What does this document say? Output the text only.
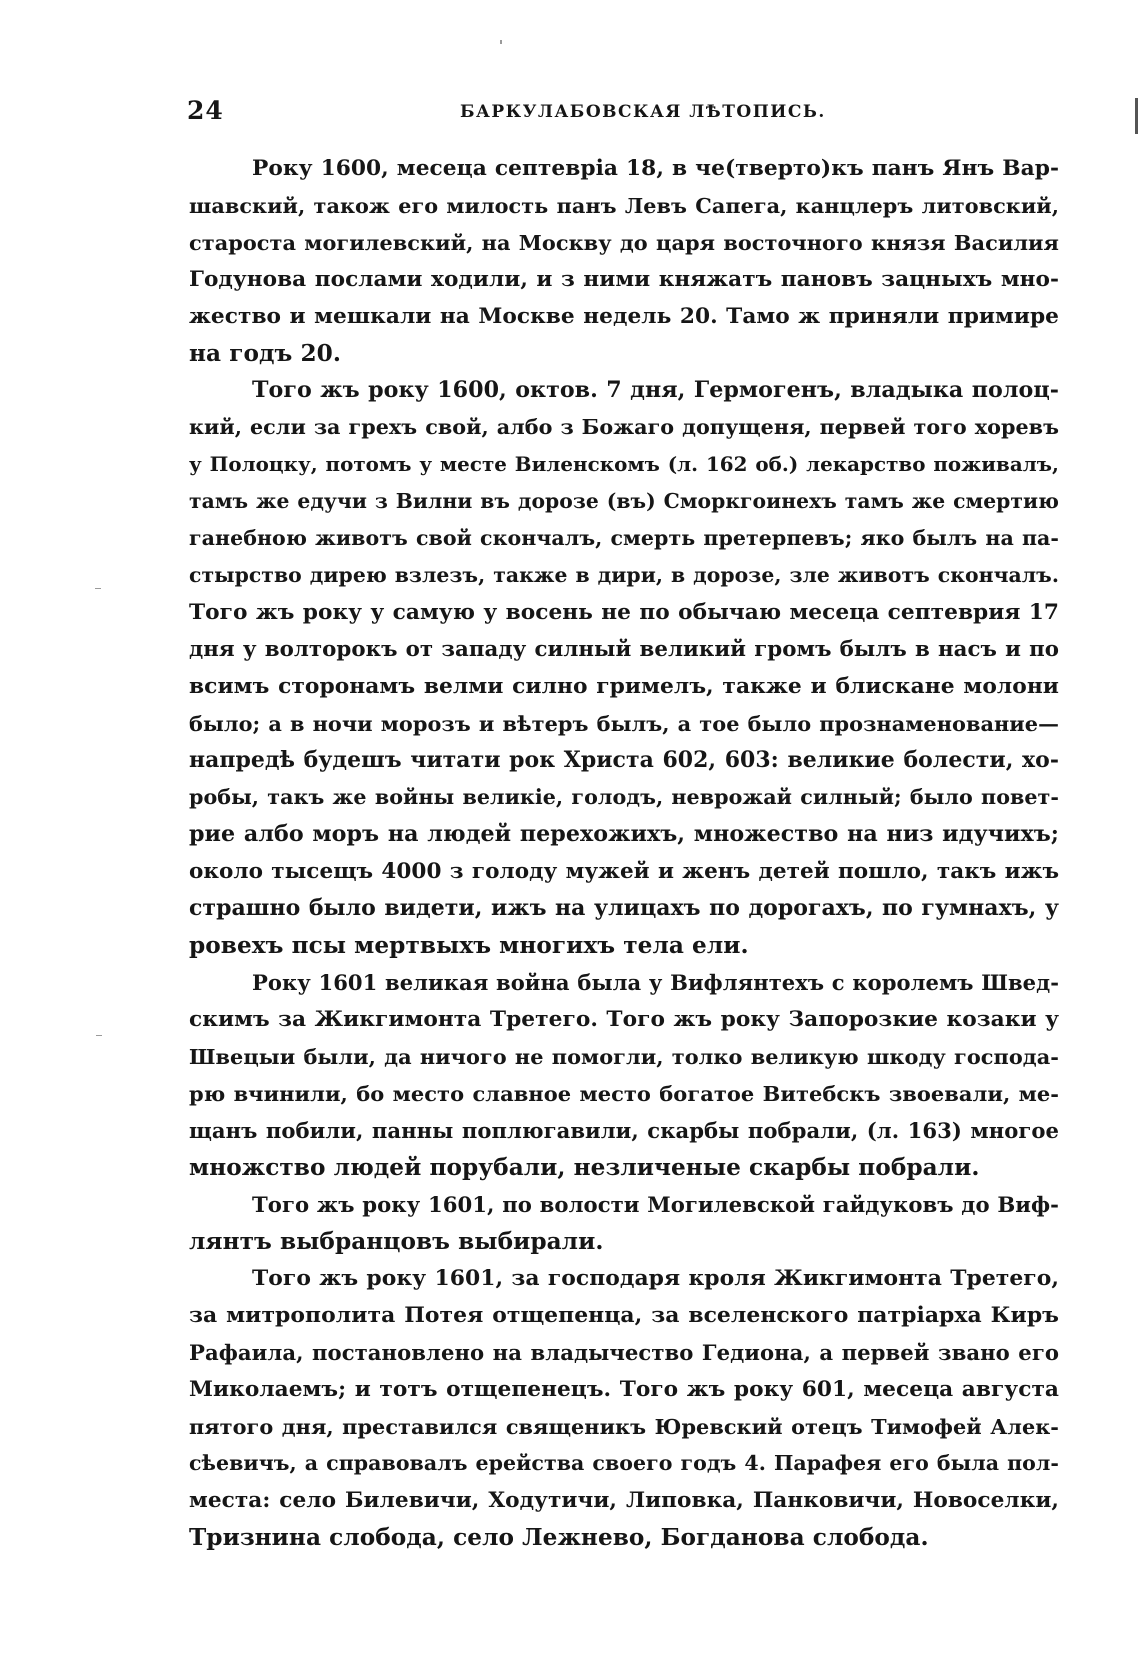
24	БАРКУЛАБОВСКАЯ ЛѢТОПИСЬ.
Року 1600, месеца септевріа 18, в че(тверто)къ панъ Янъ Вар-
шавский, також его милость панъ Левъ Сапега, канцлеръ литовский,
староста могилевский, на Москву до царя восточного князя Василия
Годунова послами ходили, и з ними княжатъ пановъ зацныхъ мно-
жество и мешкали на Москве недель 20. Тамо ж приняли примире
на годъ 20.
Того жъ року 1600, октов. 7 дня, Гермогенъ, владыка полоц-
кий, если за грехъ свой, албо з Божаго допущеня, первей того хоревъ
у Полоцку, потомъ у месте Виленскомъ (л. 162 об.) лекарство поживалъ,
тамъ же едучи з Вилни въ дорозе (въ) Сморкгоинехъ тамъ же смертию
ганебною животъ свой скончалъ, смерть претерпевъ; яко былъ на па-
стырство дирею взлезъ, также в дири, в дорозе, зле животъ скончалъ.
Того жъ року у самую у восень не по обычаю месеца септеврия 17
дня у волторокъ от западу силный великий громъ былъ в насъ и по
всимъ сторонамъ велми силно гримелъ, также и блискане молони
было; а в ночи морозъ и вѣтеръ былъ, а тое было прознаменование—
напредѣ будешъ читати рок Христа 602, 603: великие болести, хо-
робы, такъ же войны великіе, голодъ, неврожай силный; было повет-
рие албо моръ на людей перехожихъ, множество на низ идучихъ;
около тысещъ 4000 з голоду мужей и женъ детей пошло, такъ ижъ
страшно было видети, ижъ на улицахъ по дорогахъ, по гумнахъ, у
ровехъ псы мертвыхъ многихъ тела ели.
Року 1601 великая война была у Вифлянтехъ с королемъ Швед-
скимъ за Жикгимонта Третего. Того жъ року Запорозкие козаки у
Швецыи были, да ничого не помогли, толко великую шкоду господа-
рю вчинили, бо место славное место богатое Витебскъ звоевали, ме-
щанъ побили, панны поплюгавили, скарбы побрали, (л. 163) многое
множство людей порубали, незличеные скарбы побрали.
Того жъ року 1601, по волости Могилевской гайдуковъ до Виф-
лянтъ выбранцовъ выбирали.
Того жъ року 1601, за господаря кроля Жикгимонта Третего,
за митрополита Потея отщепенца, за вселенского патріарха Киръ
Рафаила, постановлено на владычество Гедиона, а первей звано его
Миколаемъ; и тотъ отщепенецъ. Того жъ року 601, месеца августа
пятого дня, преставился священикъ Юревский отецъ Тимофей Алек-
сѣевичъ, а справовалъ ерейства своего годъ 4. Парафея его была пол-
места: село Билевичи, Ходутичи, Липовка, Панковичи, Новоселки,
Тризнина слобода, село Лежнево, Богданова слобода.
